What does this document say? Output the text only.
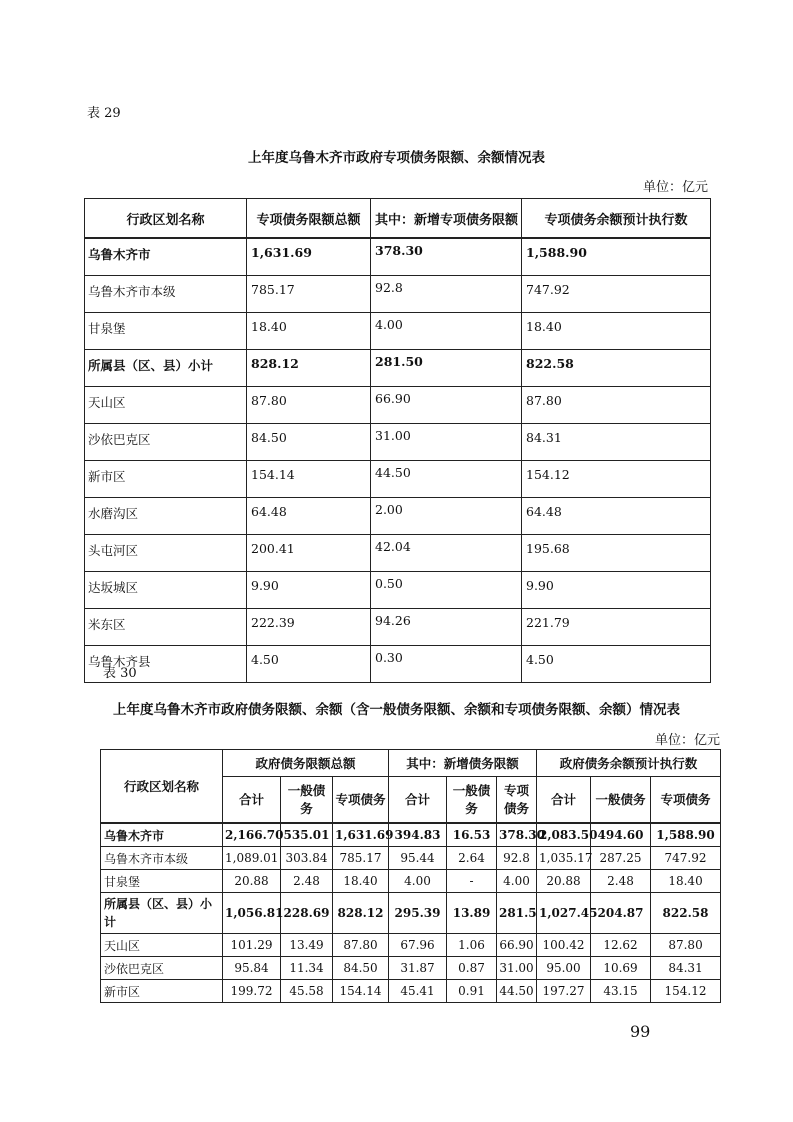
表 29
上年度乌鲁木齐市政府专项债务限额、余额情况表
单位：亿元
行政区划名称	专项债务限额总额	其中：新增专项债务限额	专项债务余额预计执行数
乌鲁木齐市	1,631.69	378.30	1,588.90
乌鲁木齐市本级	785.17	92.8	747.92
甘泉堡	18.40	4.00	18.40
所属县（区、县）小计	828.12	281.50	822.58
天山区	87.80	66.90	87.80
沙依巴克区	84.50	31.00	84.31
新市区	154.14	44.50	154.12
水磨沟区	64.48	2.00	64.48
头屯河区	200.41	42.04	195.68
达坂城区	9.90	0.50	9.90
米东区	222.39	94.26	221.79
乌鲁木齐县	4.50	0.30	4.50
表 30
上年度乌鲁木齐市政府债务限额、余额（含一般债务限额、余额和专项债务限额、余额）情况表
单位：亿元
行政区划名称	政府债务限额总额			其中：新增债务限额			政府债务余额预计执行数		
	合计	一般债务	专项债务	合计	一般债务	专项债务	合计	一般债务	专项债务
乌鲁木齐市	2,166.70	535.01	1,631.69	394.83	16.53	378.30	2,083.50	494.60	1,588.90
乌鲁木齐市本级	1,089.01	303.84	785.17	95.44	2.64	92.8	1,035.17	287.25	747.92
甘泉堡	20.88	2.48	18.40	4.00	-	4.00	20.88	2.48	18.40
所属县（区、县）小计	1,056.81	228.69	828.12	295.39	13.89	281.5	1,027.45	204.87	822.58
天山区	101.29	13.49	87.80	67.96	1.06	66.90	100.42	12.62	87.80
沙依巴克区	95.84	11.34	84.50	31.87	0.87	31.00	95.00	10.69	84.31
新市区	199.72	45.58	154.14	45.41	0.91	44.50	197.27	43.15	154.12
99
